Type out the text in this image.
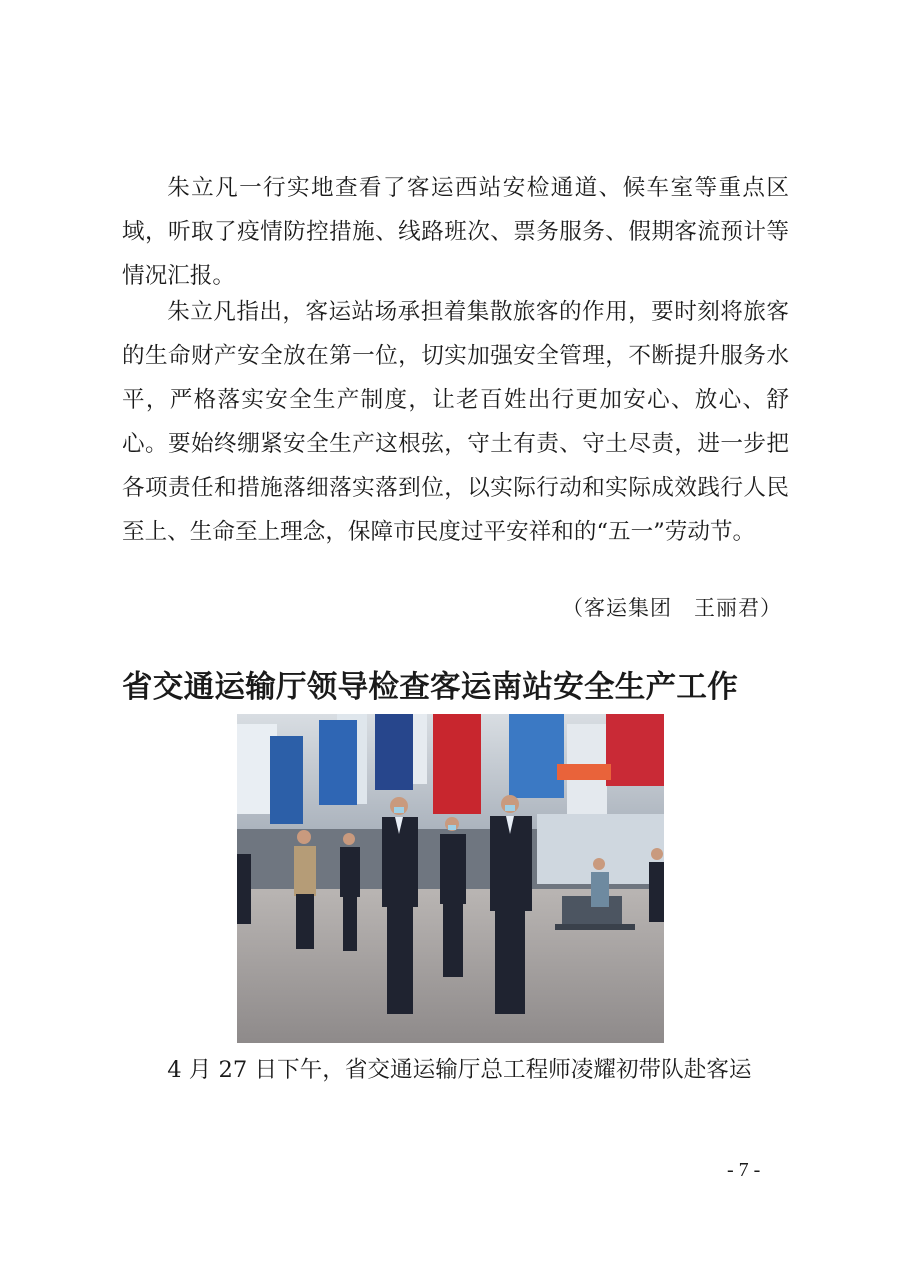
朱立凡一行实地查看了客运西站安检通道、候车室等重点区域，听取了疫情防控措施、线路班次、票务服务、假期客流预计等情况汇报。

朱立凡指出，客运站场承担着集散旅客的作用，要时刻将旅客的生命财产安全放在第一位，切实加强安全管理，不断提升服务水平，严格落实安全生产制度，让老百姓出行更加安心、放心、舒心。要始终绷紧安全生产这根弦，守土有责、守土尽责，进一步把各项责任和措施落细落实落到位，以实际行动和实际成效践行人民至上、生命至上理念，保障市民度过平安祥和的“五一”劳动节。

（客运集团　王丽君）
省交通运输厅领导检查客运南站安全生产工作

4 月 27 日下午，省交通运输厅总工程师凌耀初带队赴客运

- 7 -
